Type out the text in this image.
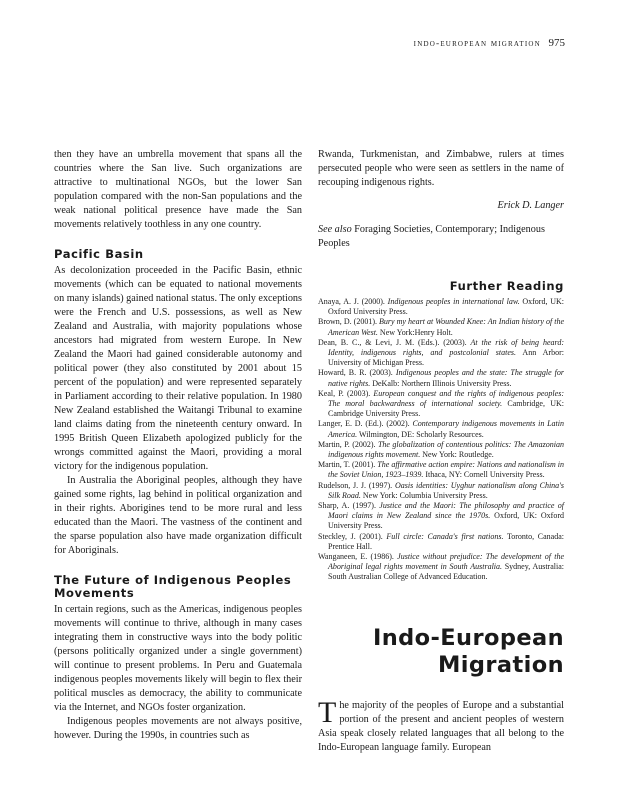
indo-european migration 975

then they have an umbrella movement that spans all the countries where the San live. Such organizations are attractive to multinational NGOs, but the lower San population compared with the non-San populations and the weak national political presence have made the San movements relatively toothless in any one country.

Pacific Basin

As decolonization proceeded in the Pacific Basin, ethnic movements (which can be equated to national movements on many islands) gained national status. The only exceptions were the French and U.S. possessions, as well as New Zealand and Australia, with majority populations whose ancestors had migrated from western Europe. In New Zealand the Maori had gained considerable autonomy and political power (they also constituted by 2001 about 15 percent of the population) and were represented separately in Parliament according to their relative population. In 1980 New Zealand established the Waitangi Tribunal to examine land claims dating from the nineteenth century onward. In 1995 British Queen Elizabeth apologized publicly for the wrongs committed against the Maori, providing a moral victory for the indigenous population.

In Australia the Aboriginal peoples, although they have gained some rights, lag behind in political organization and in their rights. Aborigines tend to be more rural and less educated than the Maori. The vastness of the continent and the sparse population also have made organization difficult for Aboriginals.

The Future of Indigenous Peoples Movements

In certain regions, such as the Americas, indigenous peoples movements will continue to thrive, although in many cases integrating them in constructive ways into the body politic (persons politically organized under a single government) will continue to present problems. In Peru and Guatemala indigenous peoples movements likely will begin to flex their political muscles as democracy, the ability to communicate via the Internet, and NGOs foster organization.

Indigenous peoples movements are not always positive, however. During the 1990s, in countries such as

Rwanda, Turkmenistan, and Zimbabwe, rulers at times persecuted people who were seen as settlers in the name of recouping indigenous rights.

Erick D. Langer

See also Foraging Societies, Contemporary; Indigenous Peoples

Further Reading
Anaya, A. J. (2000). Indigenous peoples in international law. Oxford, UK: Oxford University Press.
Brown, D. (2001). Bury my heart at Wounded Knee: An Indian history of the American West. New York:Henry Holt.
Dean, B. C., & Levi, J. M. (Eds.). (2003). At the risk of being heard: Identity, indigenous rights, and postcolonial states. Ann Arbor: University of Michigan Press.
Howard, B. R. (2003). Indigenous peoples and the state: The struggle for native rights. DeKalb: Northern Illinois University Press.
Keal, P. (2003). European conquest and the rights of indigenous peoples: The moral backwardness of international society. Cambridge, UK: Cambridge University Press.
Langer, E. D. (Ed.). (2002). Contemporary indigenous movements in Latin America. Wilmington, DE: Scholarly Resources.
Martin, P. (2002). The globalization of contentious politics: The Amazonian indigenous rights movement. New York: Routledge.
Martin, T. (2001). The affirmative action empire: Nations and nationalism in the Soviet Union, 1923–1939. Ithaca, NY: Cornell University Press.
Rudelson, J. J. (1997). Oasis identities: Uyghur nationalism along China's Silk Road. New York: Columbia University Press.
Sharp, A. (1997). Justice and the Maori: The philosophy and practice of Maori claims in New Zealand since the 1970s. Oxford, UK: Oxford University Press.
Steckley, J. (2001). Full circle: Canada's first nations. Toronto, Canada: Prentice Hall.
Wanganeen, E. (1986). Justice without prejudice: The development of the Aboriginal legal rights movement in South Australia. Sydney, Australia: South Australian College of Advanced Education.
Indo-European
Migration
T he majority of the peoples of Europe and a substantial portion of the present and ancient peoples of western Asia speak closely related languages that all belong to the Indo-European language family. European
